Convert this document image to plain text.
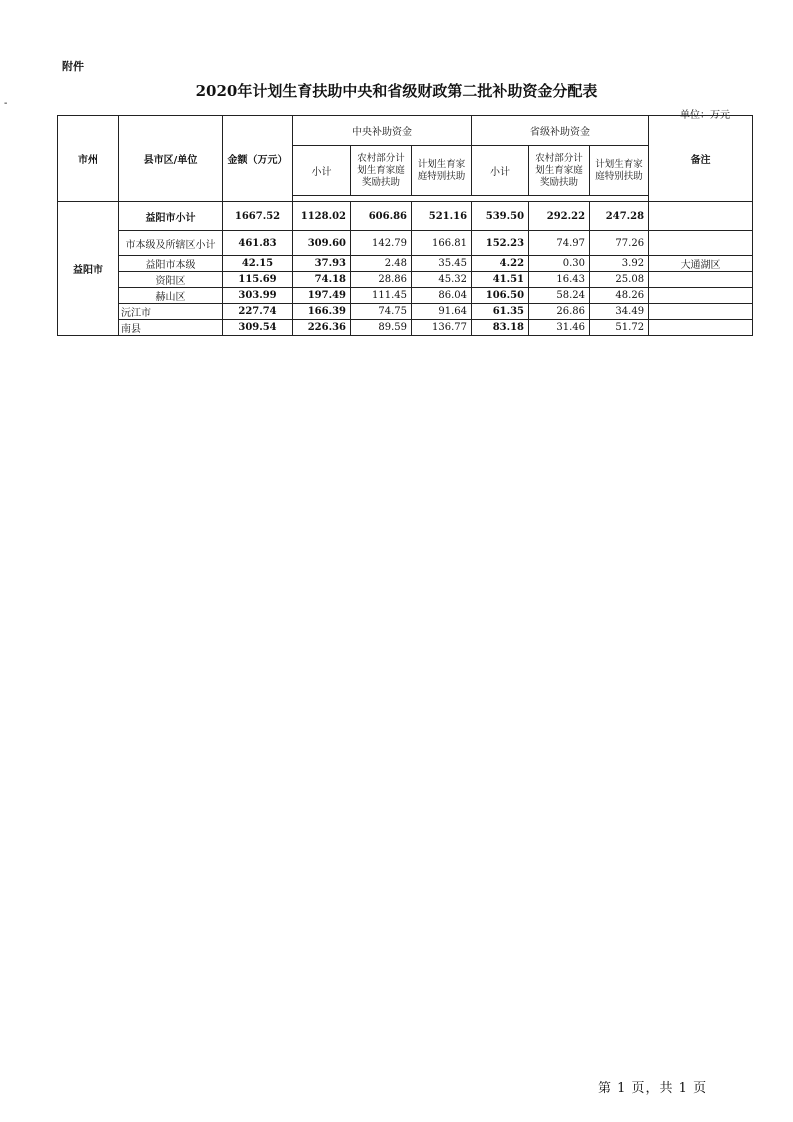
附件
-
2020年计划生育扶助中央和省级财政第二批补助资金分配表
单位：万元
市州	县市区/单位	金额（万元）	中央补助资金			省级补助资金			备注
			小计	农村部分计划生育家庭奖励扶助	计划生育家庭特别扶助	小计	农村部分计划生育家庭奖励扶助	计划生育家庭特别扶助	

益阳市	益阳市小计	1667.52	1128.02	606.86	521.16	539.50	292.22	247.28	
	市本级及所辖区小计	461.83	309.60	142.79	166.81	152.23	74.97	77.26	
	益阳市本级	42.15	37.93	2.48	35.45	4.22	0.30	3.92	大通湖区
	资阳区	115.69	74.18	28.86	45.32	41.51	16.43	25.08	
	赫山区	303.99	197.49	111.45	86.04	106.50	58.24	48.26	
	沅江市	227.74	166.39	74.75	91.64	61.35	26.86	34.49	
	南县	309.54	226.36	89.59	136.77	83.18	31.46	51.72	
第 1 页，共 1 页
